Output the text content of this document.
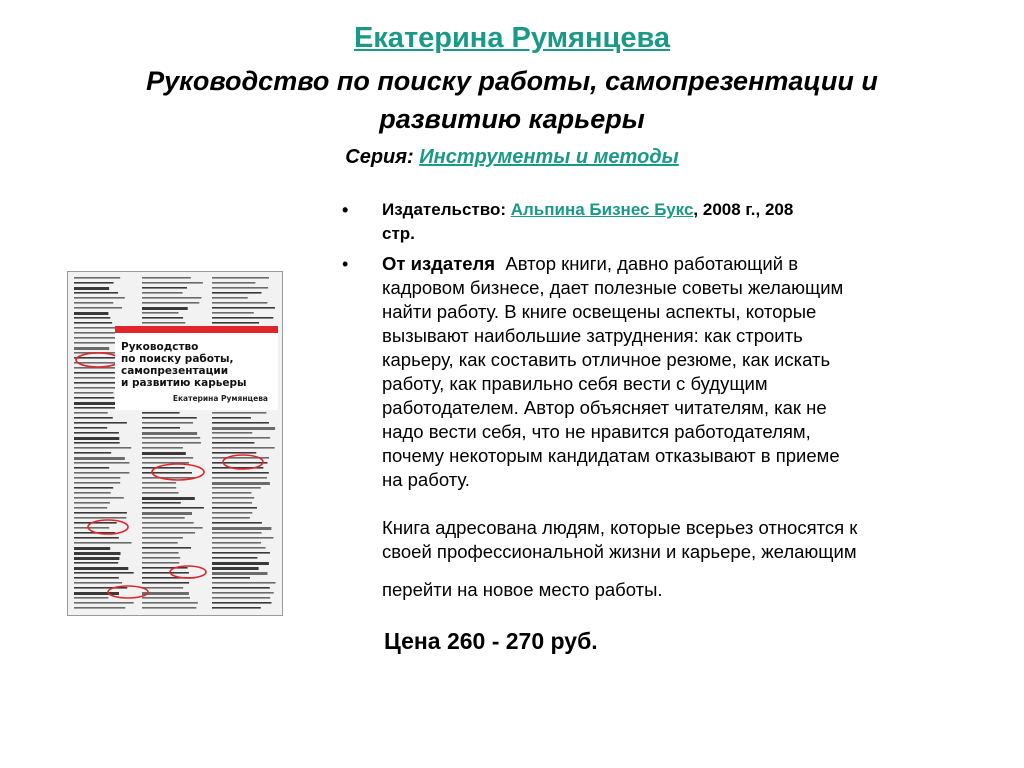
Екатерина Румянцева
Руководство по поиску работы, самопрезентации и
развитию карьеры
Серия: Инструменты и методы
Руководство
по поиску работы,
самопрезентации
и развитию карьеры
Екатерина Румянцева
• Издательство: Альпина Бизнес Букс, 2008 г., 208
стр.
• От издателя Автор книги, давно работающий в
кадровом бизнесе, дает полезные советы желающим
найти работу. В книге освещены аспекты, которые
вызывают наибольшие затруднения: как строить
карьеру, как составить отличное резюме, как искать
работу, как правильно себя вести с будущим
работодателем. Автор объясняет читателям, как не
надо вести себя, что не нравится работодателям,
почему некоторым кандидатам отказывают в приеме
на работу.
Книга адресована людям, которые всерьез относятся к
своей профессиональной жизни и карьере, желающим
перейти на новое место работы.
Цена 260 - 270 руб.
